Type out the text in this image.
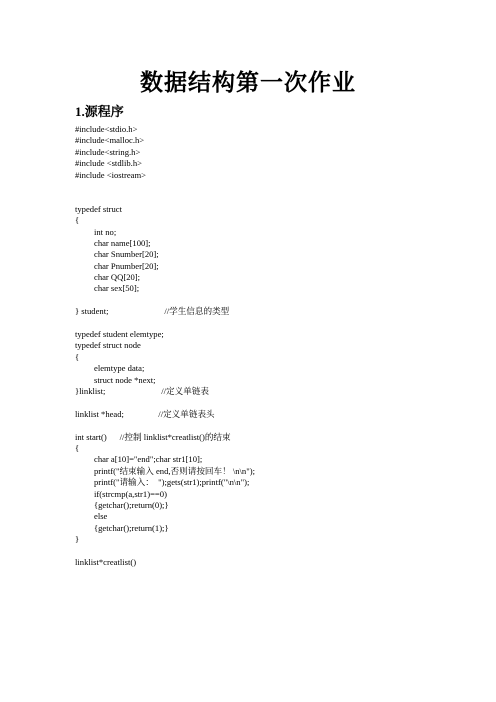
数据结构第一次作业
1.源程序
#include<stdio.h>
#include<malloc.h>
#include<string.h>
#include <stdlib.h>
#include <iostream>
typedef struct
{
int no;
char name[100];
char Snumber[20];
char Pnumber[20];
char QQ[20];
char sex[50];
} student;                          //学生信息的类型
typedef student elemtype;
typedef struct node
{
elemtype data;
struct node *next;
}linklist;                          //定义单链表
linklist *head;                //定义单链表头
int start()      //控制 linklist*creatlist()的结束
{
char a[10]="end";char str1[10];
printf("结束输入 end,否则请按回车！ \n\n");
printf("请输入：  ");gets(str1);printf("\n\n");
if(strcmp(a,str1)==0)
{getchar();return(0);}
else
{getchar();return(1);}
}
linklist*creatlist()
